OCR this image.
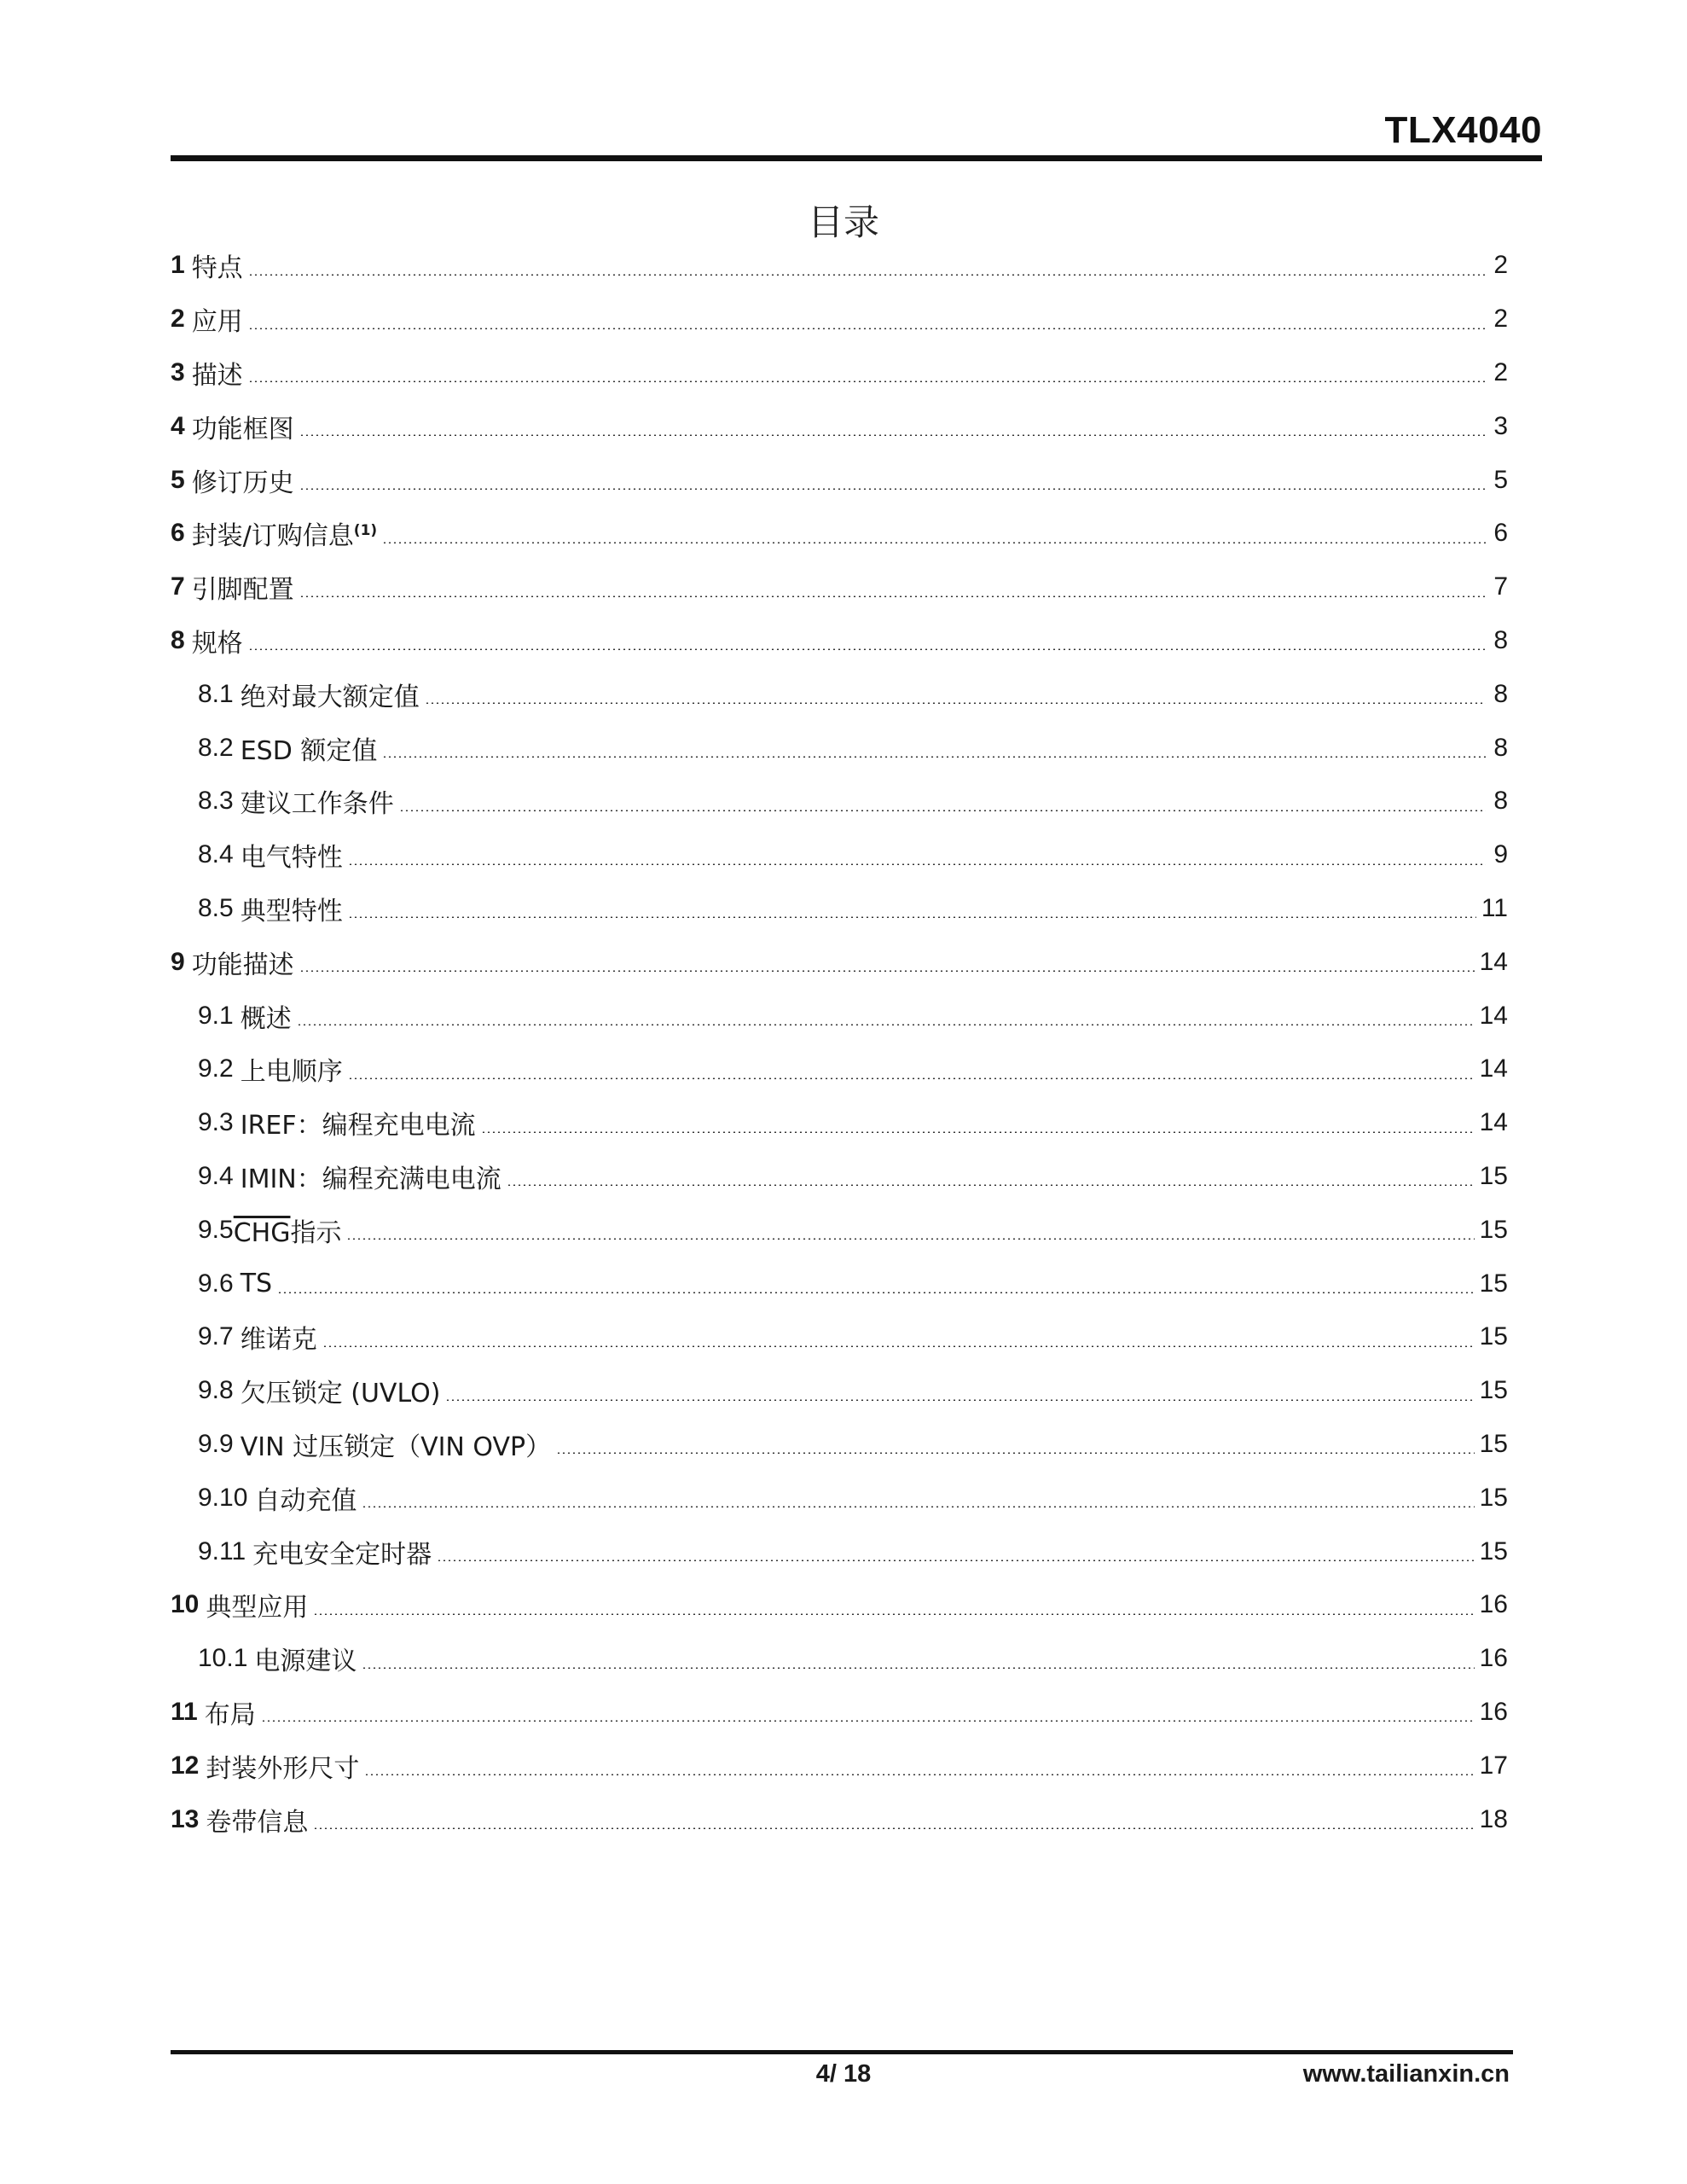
TLX4040
目录
1 特点	2
2 应用	2
3 描述	2
4 功能框图	3
5 修订历史	5
6 封装/订购信息$^{(1)}$	6
7 引脚配置	7
8 规格	8
8.1 绝对最大额定值	8
8.2 ESD 额定值	8
8.3 建议工作条件	8
8.4 电气特性	9
8.5 典型特性	11
9 功能描述	14
9.1 概述	14
9.2 上电顺序	14
9.3 IREF：编程充电电流	14
9.4 IMIN：编程充满电电流	15
9.5 $\overline{CHG}$指示	15
9.6 TS	15
9.7 维诺克	15
9.8 欠压锁定 (UVLO)	15
9.9 VIN 过压锁定（VIN OVP）	15
9.10 自动充值	15
9.11 充电安全定时器	15
10 典型应用	16
10.1 电源建议	16
11 布局	16
12 封装外形尺寸	17
13 卷带信息	18
4/ 18	www.tailianxin.cn
